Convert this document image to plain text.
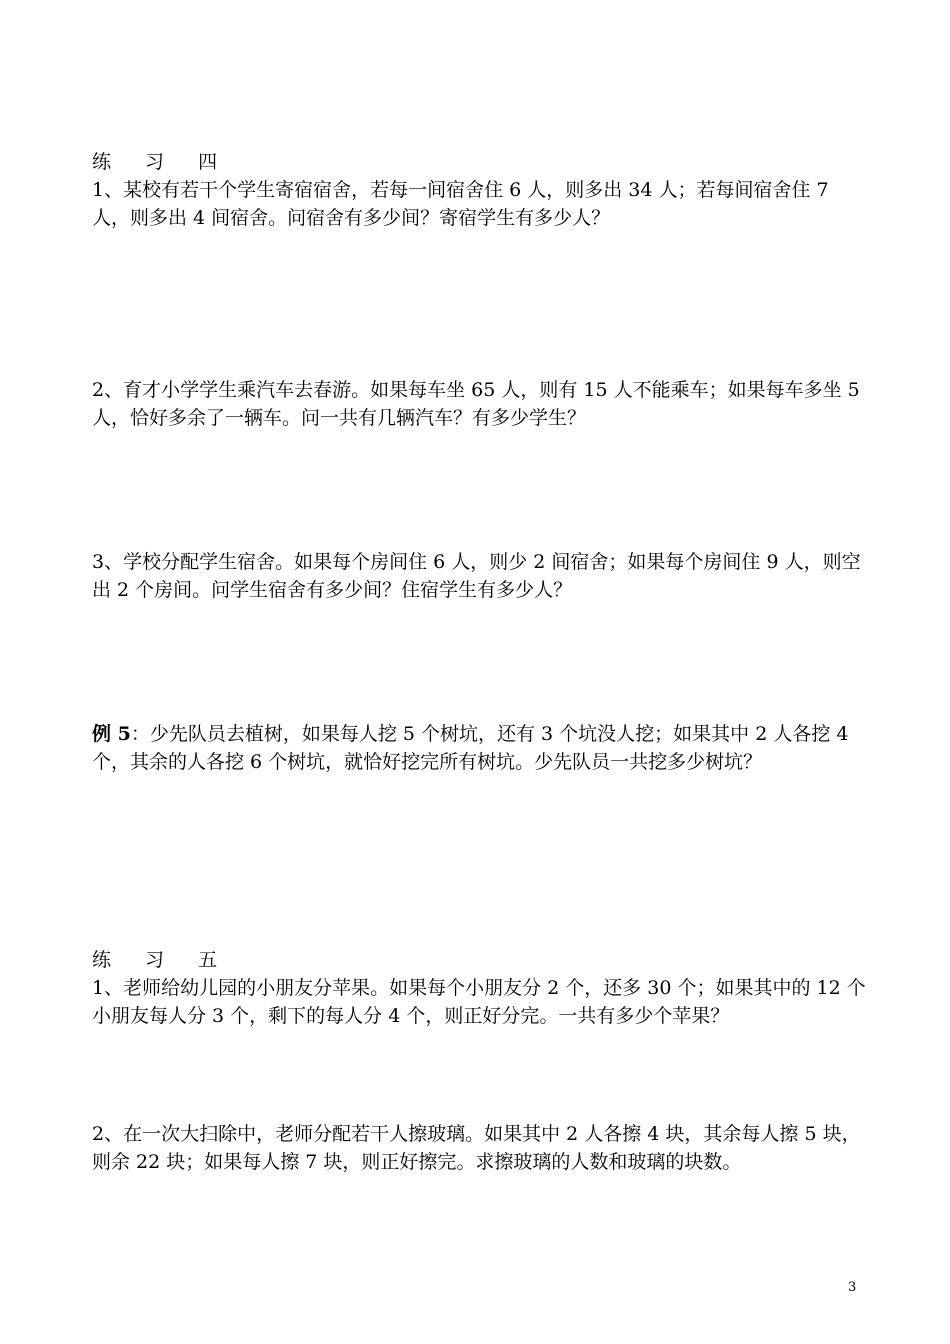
练 习 四

1、某校有若干个学生寄宿宿舍，若每一间宿舍住 6 人，则多出 34 人；若每间宿舍住 7 人，则多出 4 间宿舍。问宿舍有多少间？寄宿学生有多少人？

2、育才小学学生乘汽车去春游。如果每车坐 65 人，则有 15 人不能乘车；如果每车多坐 5 人，恰好多余了一辆车。问一共有几辆汽车？有多少学生？

3、学校分配学生宿舍。如果每个房间住 6 人，则少 2 间宿舍；如果每个房间住 9 人，则空出 2 个房间。问学生宿舍有多少间？住宿学生有多少人？

例 5：少先队员去植树，如果每人挖 5 个树坑，还有 3 个坑没人挖；如果其中 2 人各挖 4 个，其余的人各挖 6 个树坑，就恰好挖完所有树坑。少先队员一共挖多少树坑？

练 习 五

1、老师给幼儿园的小朋友分苹果。如果每个小朋友分 2 个，还多 30 个；如果其中的 12 个小朋友每人分 3 个，剩下的每人分 4 个，则正好分完。一共有多少个苹果？

2、在一次大扫除中，老师分配若干人擦玻璃。如果其中 2 人各擦 4 块，其余每人擦 5 块，则余 22 块；如果每人擦 7 块，则正好擦完。求擦玻璃的人数和玻璃的块数。

3
